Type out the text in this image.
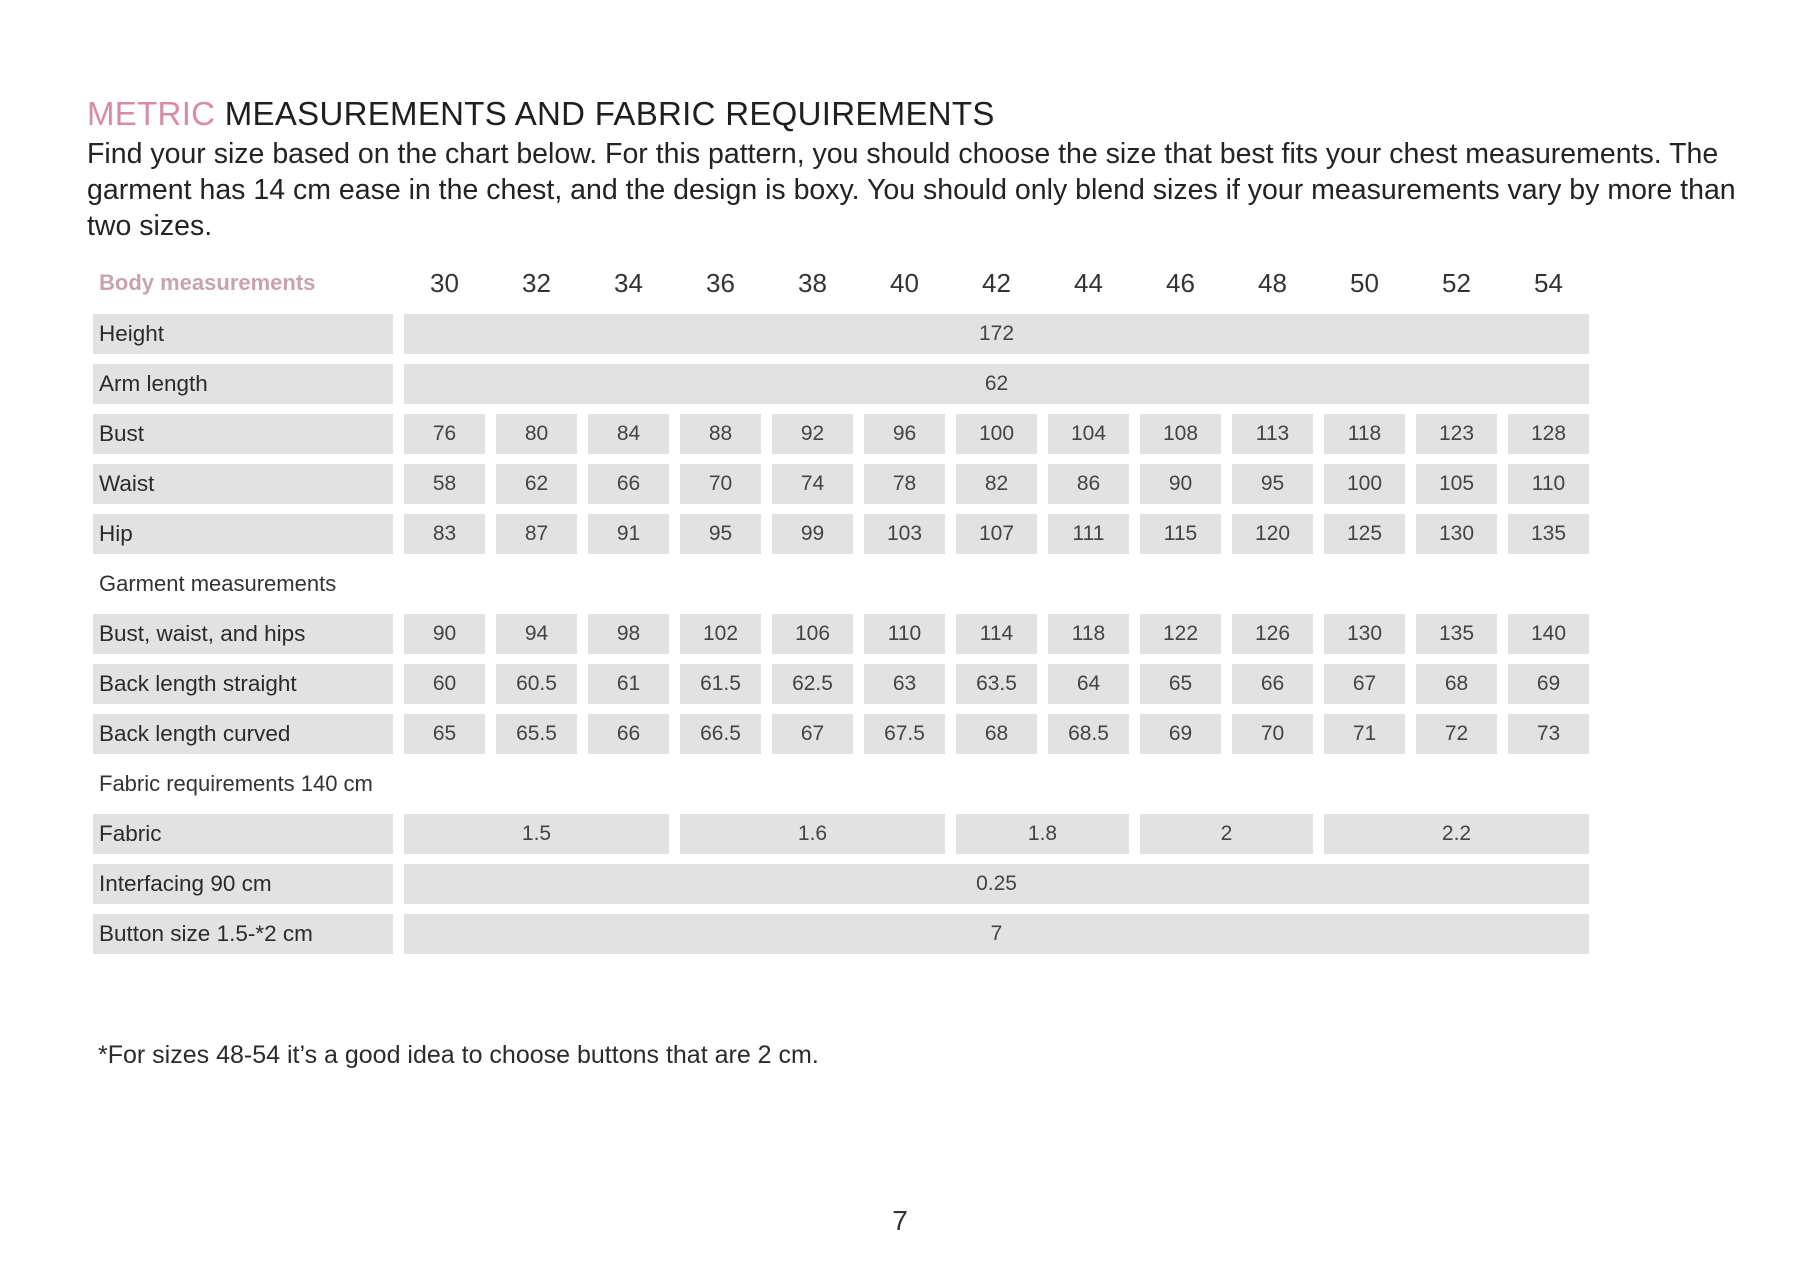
METRIC MEASUREMENTS AND FABRIC REQUIREMENTS
Find your size based on the chart below. For this pattern, you should choose the size that best fits your chest measurements. The garment has 14 cm ease in the chest, and the design is boxy. You should only blend sizes if your measurements vary by more than two sizes.
Body measurements	30	32	34	36	38	40	42	44	46	48	50	52	54
Height	172												
Arm length	62												
Bust	76	80	84	88	92	96	100	104	108	113	118	123	128
Waist	58	62	66	70	74	78	82	86	90	95	100	105	110
Hip	83	87	91	95	99	103	107	111	115	120	125	130	135
Garment measurements													
Bust, waist, and hips	90	94	98	102	106	110	114	118	122	126	130	135	140
Back length straight	60	60.5	61	61.5	62.5	63	63.5	64	65	66	67	68	69
Back length curved	65	65.5	66	66.5	67	67.5	68	68.5	69	70	71	72	73
Fabric requirements 140 cm													
Fabric	1.5			1.6			1.8		2		2.2		
Interfacing 90 cm	0.25												
Button size 1.5-*2 cm	7												
*For sizes 48-54 it’s a good idea to choose buttons that are 2 cm.
7
